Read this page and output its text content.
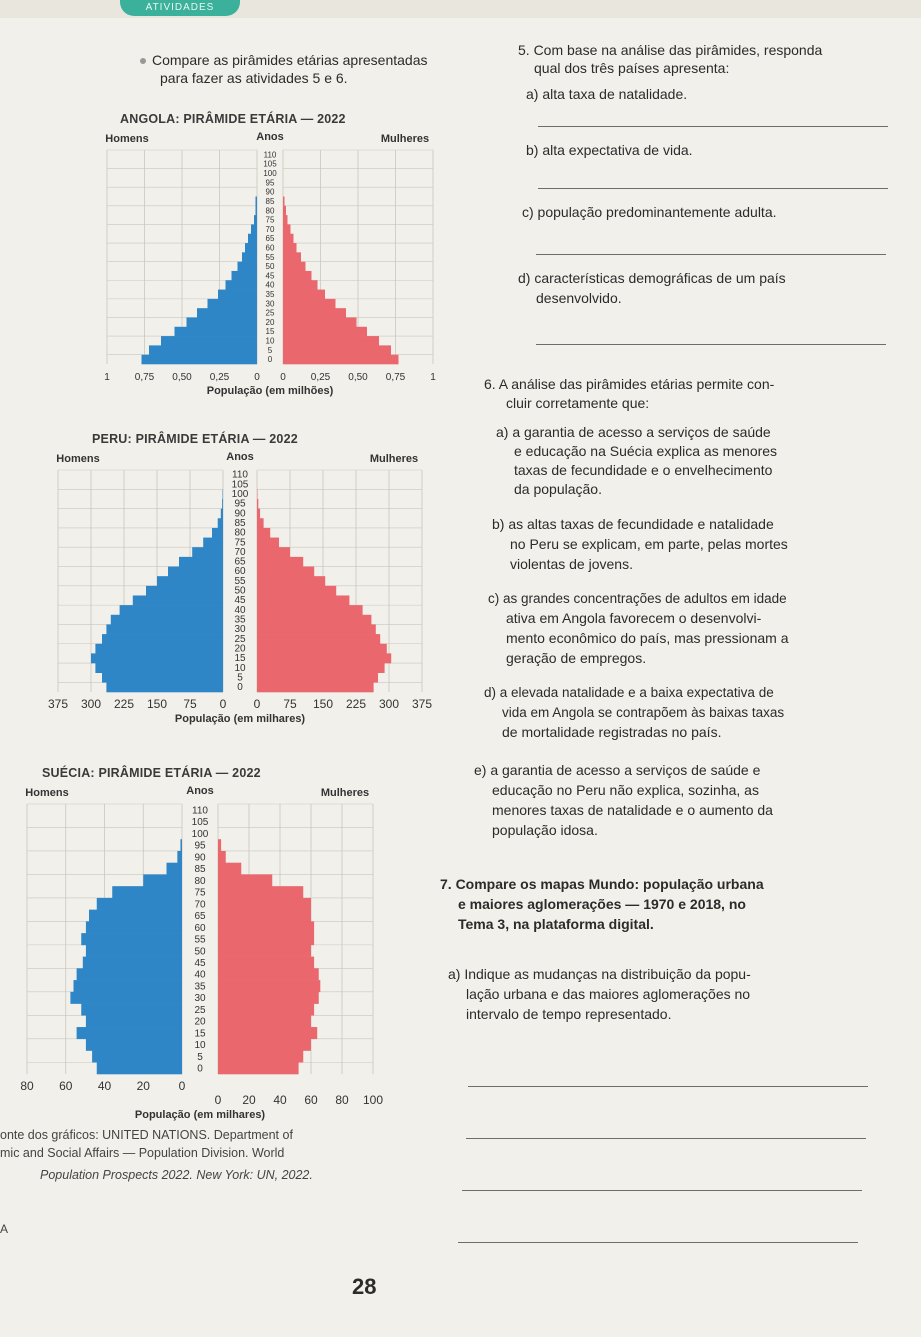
ATIVIDADES
Compare as pirâmides etárias apresentadas
para fazer as atividades 5 e 6.
ANGOLA: PIRÂMIDE ETÁRIA — 2022
110
105
100
95
90
85
80
75
70
65
60
55
50
45
40
35
30
25
20
15
10
5
0
Homens	Anos	Mulheres
1 0,75 0,50 0,25 0 0 0,25 0,50 0,75 1
População (em milhões)
PERU: PIRÂMIDE ETÁRIA — 2022
110
105
100
95
90
85
80
75
70
65
60
55
50
45
40
35
30
25
20
15
10
5
0
Homens	Anos	Mulheres
375 300 225 150 75 0 0 75 150 225 300 375
População (em milhares)
SUÉCIA: PIRÂMIDE ETÁRIA — 2022
110
105
100
95
90
85
80
75
70
65
60
55
50
45
40
35
30
25
20
15
10
5
0
Homens	Anos	Mulheres
80 60 40 20 0
0 20 40 60 80 100
População (em milhares)
onte dos gráficos: UNITED NATIONS. Department of
mic and Social Affairs — Population Division. World
Population Prospects 2022. New York: UN, 2022.
A
28
5. Com base na análise das pirâmides, responda
qual dos três países apresenta:
a) alta taxa de natalidade.
b) alta expectativa de vida.
c) população predominantemente adulta.
d) características demográficas de um país
desenvolvido.
6. A análise das pirâmides etárias permite con-
cluir corretamente que:
a) a garantia de acesso a serviços de saúde
e educação na Suécia explica as menores
taxas de fecundidade e o envelhecimento
da população.
b) as altas taxas de fecundidade e natalidade
no Peru se explicam, em parte, pelas mortes
violentas de jovens.
c) as grandes concentrações de adultos em idade
ativa em Angola favorecem o desenvolvi-
mento econômico do país, mas pressionam a
geração de empregos.
d) a elevada natalidade e a baixa expectativa de
vida em Angola se contrapõem às baixas taxas
de mortalidade registradas no país.
e) a garantia de acesso a serviços de saúde e
educação no Peru não explica, sozinha, as
menores taxas de natalidade e o aumento da
população idosa.
7. Compare os mapas Mundo: população urbana
e maiores aglomerações — 1970 e 2018, no
Tema 3, na plataforma digital.
a) Indique as mudanças na distribuição da popu-
lação urbana e das maiores aglomerações no
intervalo de tempo representado.
